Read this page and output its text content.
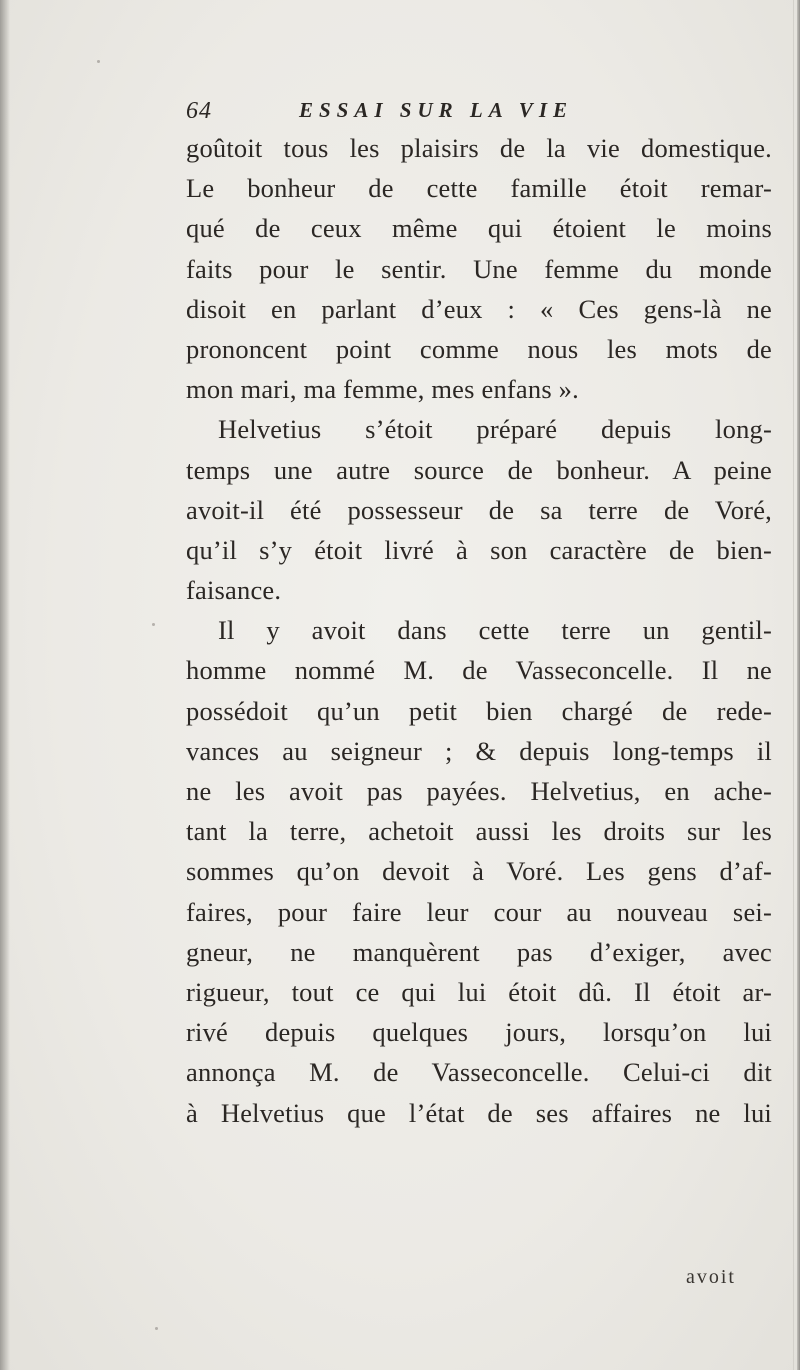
64	ESSAI SUR LA VIE
goûtoit tous les plaisirs de la vie domestique.
Le bonheur de cette famille étoit remar-
qué de ceux même qui étoient le moins
faits pour le sentir. Une femme du monde
disoit en parlant d’eux : « Ces gens-là ne
prononcent point comme nous les mots de
mon mari, ma femme, mes enfans ».
Helvetius s’étoit préparé depuis long-
temps une autre source de bonheur. A peine
avoit-il été possesseur de sa terre de Voré,
qu’il s’y étoit livré à son caractère de bien-
faisance.
Il y avoit dans cette terre un gentil-
homme nommé M. de Vasseconcelle. Il ne
possédoit qu’un petit bien chargé de rede-
vances au seigneur ; & depuis long-temps il
ne les avoit pas payées. Helvetius, en ache-
tant la terre, achetoit aussi les droits sur les
sommes qu’on devoit à Voré. Les gens d’af-
faires, pour faire leur cour au nouveau sei-
gneur, ne manquèrent pas d’exiger, avec
rigueur, tout ce qui lui étoit dû. Il étoit ar-
rivé depuis quelques jours, lorsqu’on lui
annonça M. de Vasseconcelle. Celui-ci dit
à Helvetius que l’état de ses affaires ne lui
avoit
